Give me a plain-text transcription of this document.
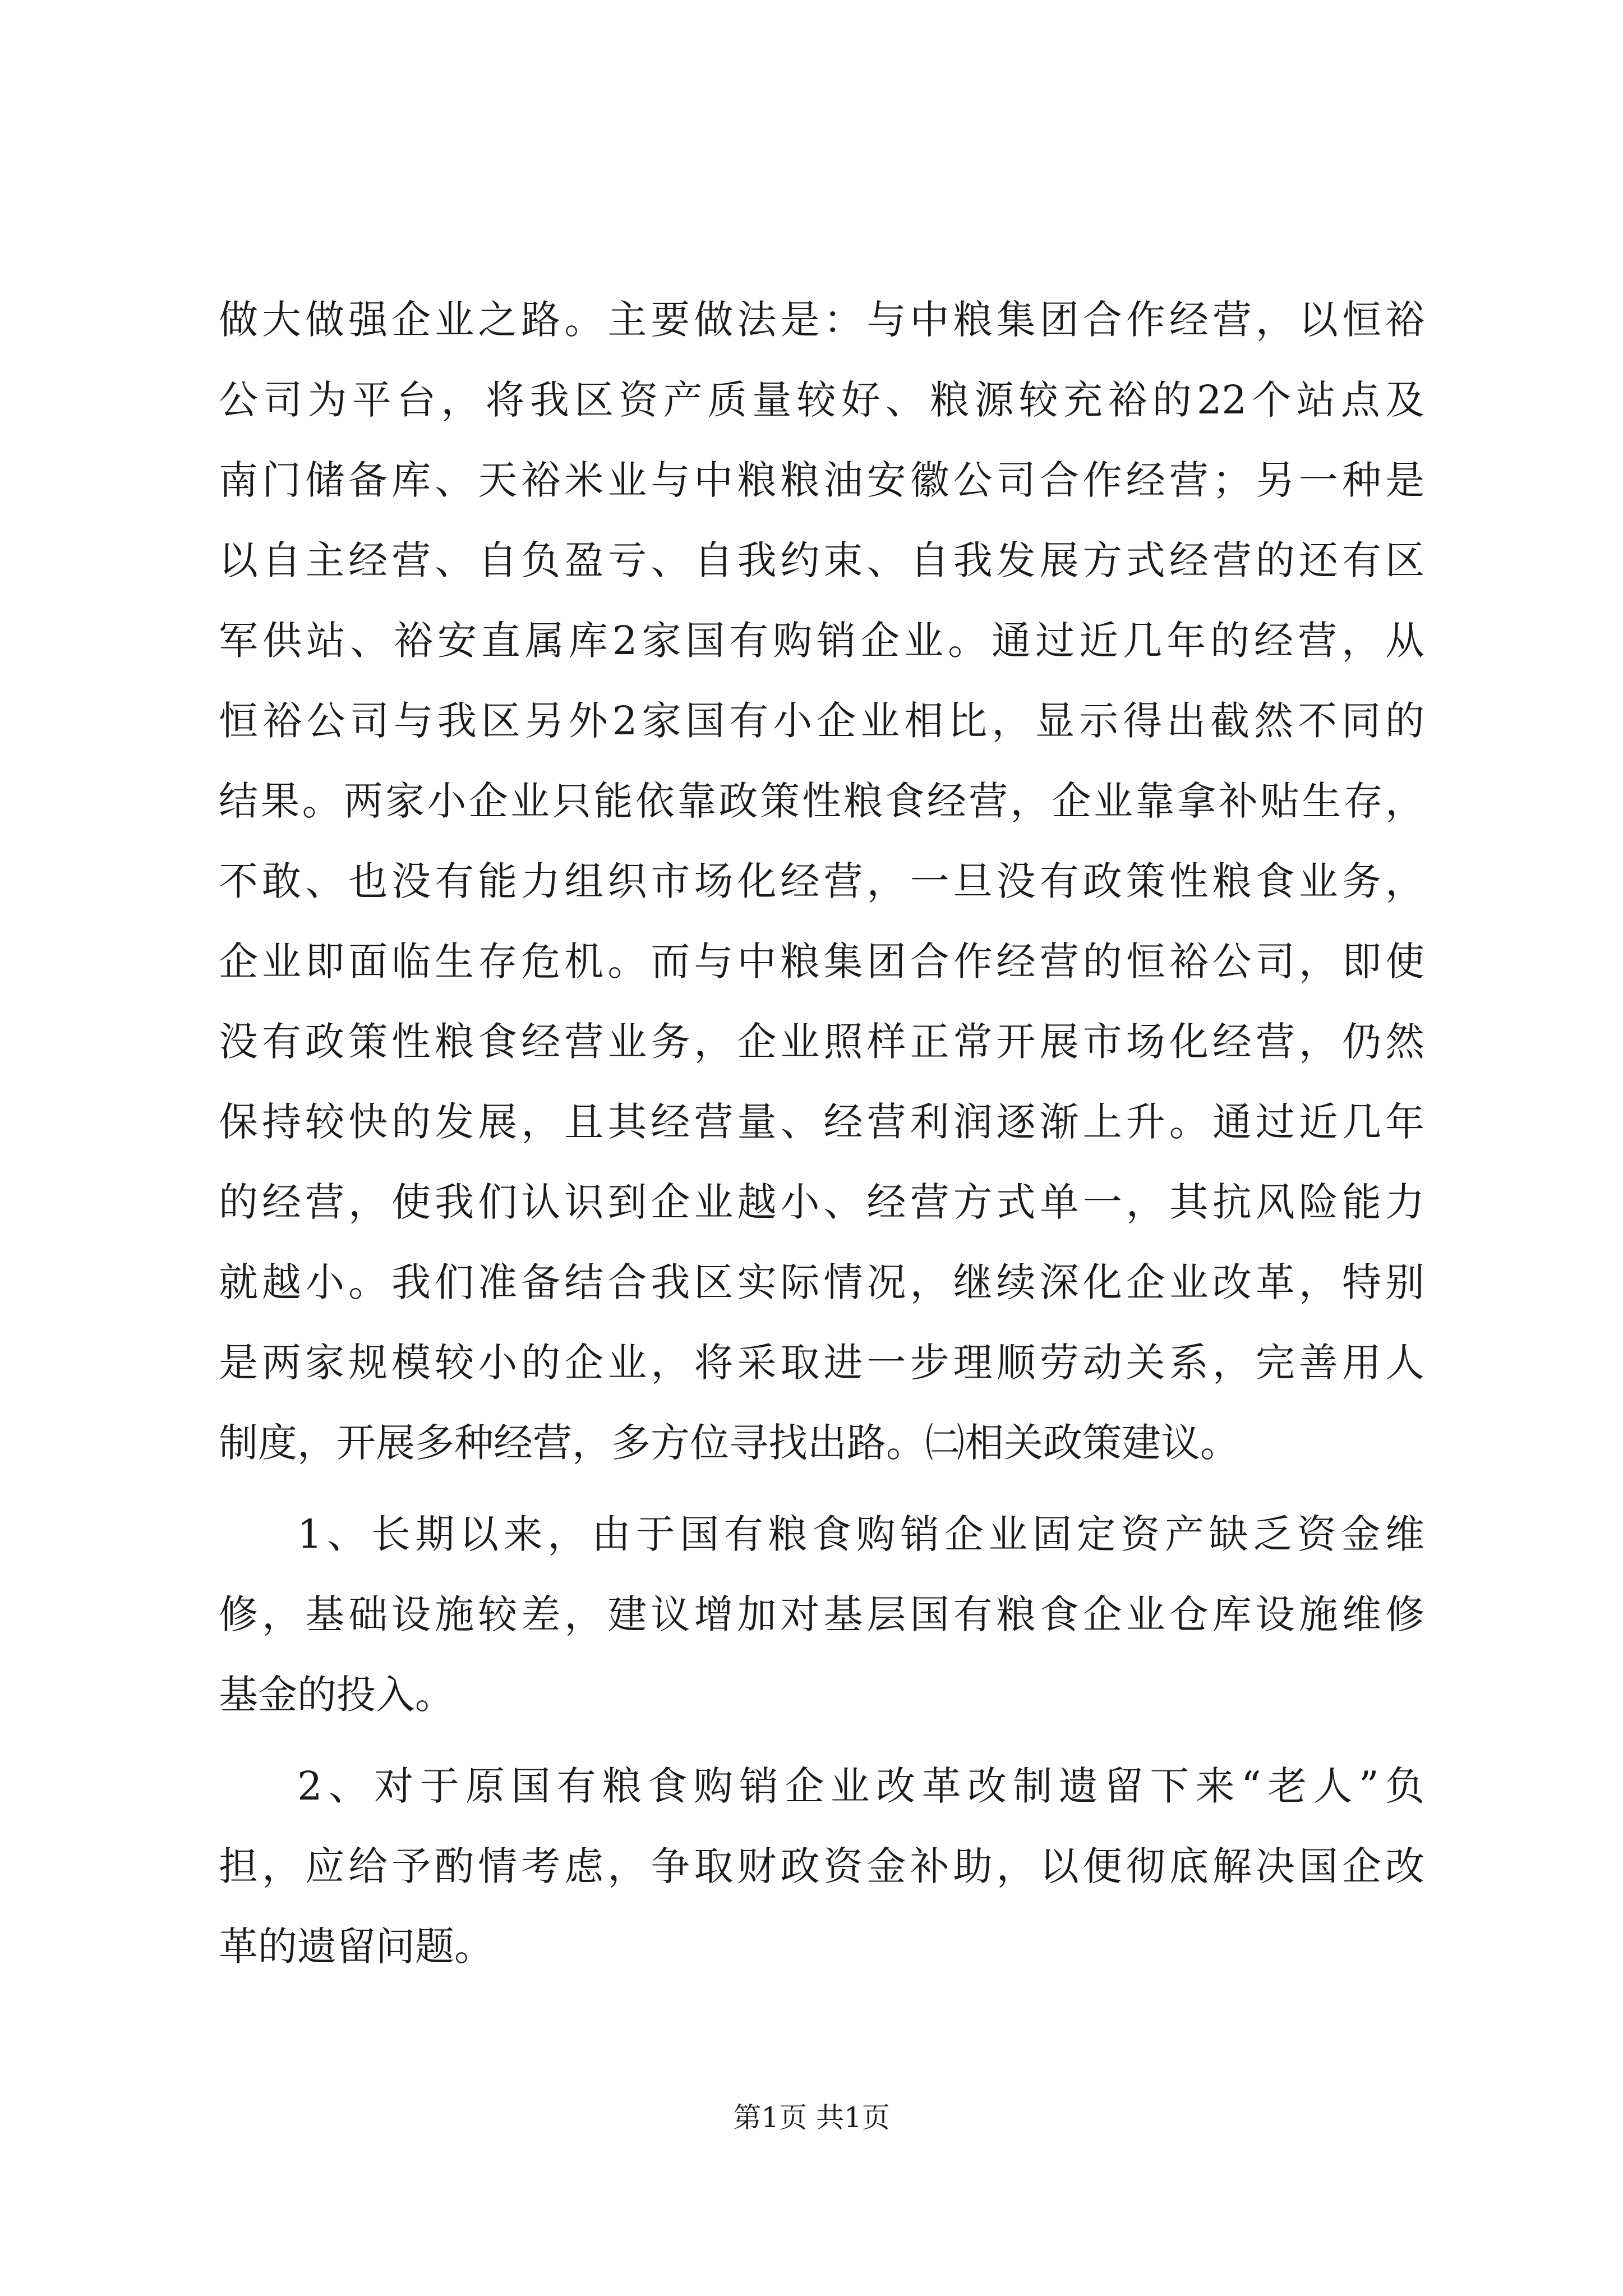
做大做强企业之路。主要做法是：与中粮集团合作经营，以恒裕
公司为平台，将我区资产质量较好、粮源较充裕的22个站点及
南门储备库、天裕米业与中粮粮油安徽公司合作经营；另一种是
以自主经营、自负盈亏、自我约束、自我发展方式经营的还有区
军供站、裕安直属库2家国有购销企业。通过近几年的经营，从
恒裕公司与我区另外2家国有小企业相比，显示得出截然不同的
结果。两家小企业只能依靠政策性粮食经营，企业靠拿补贴生存，
不敢、也没有能力组织市场化经营，一旦没有政策性粮食业务，
企业即面临生存危机。而与中粮集团合作经营的恒裕公司，即使
没有政策性粮食经营业务，企业照样正常开展市场化经营，仍然
保持较快的发展，且其经营量、经营利润逐渐上升。通过近几年
的经营，使我们认识到企业越小、经营方式单一，其抗风险能力
就越小。我们准备结合我区实际情况，继续深化企业改革，特别
是两家规模较小的企业，将采取进一步理顺劳动关系，完善用人
制度，开展多种经营，多方位寻找出路。㈡相关政策建议。
1、长期以来，由于国有粮食购销企业固定资产缺乏资金维
修，基础设施较差，建议增加对基层国有粮食企业仓库设施维修
基金的投入。
2、对于原国有粮食购销企业改革改制遗留下来“老人”负
担，应给予酌情考虑，争取财政资金补助，以便彻底解决国企改
革的遗留问题。
第1页 共1页
